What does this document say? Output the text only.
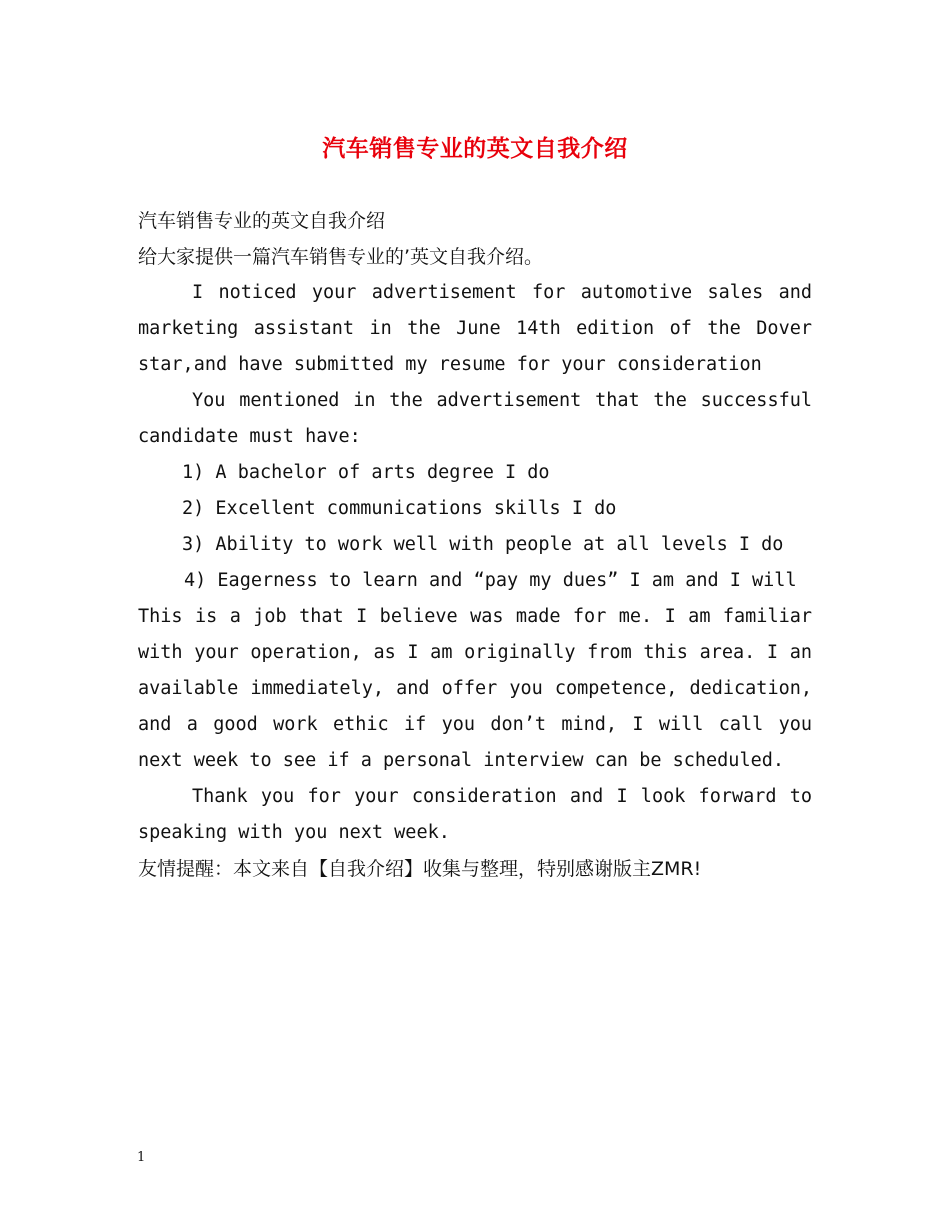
汽车销售专业的英文自我介绍
汽车销售专业的英文自我介绍
给大家提供一篇汽车销售专业的’英文自我介绍。
I noticed your advertisement for automotive sales and marketing assistant in the June 14th edition of the Dover star,and have submitted my resume for your consideration
You mentioned in the advertisement that the successful candidate must have:
1) A bachelor of arts degree I do
2) Excellent communications skills I do
3) Ability to work well with people at all levels I do
4) Eagerness to learn and “pay my dues” I am and I will
This is a job that I believe was made for me. I am familiar with your operation, as I am originally from this area. I an available immediately, and offer you competence, dedication, and a good work ethic if you don’t mind, I will call you next week to see if a personal interview can be scheduled.
Thank you for your consideration and I look forward to speaking with you next week.
友情提醒：本文来自【自我介绍】收集与整理，特别感谢版主ZMR!
1
